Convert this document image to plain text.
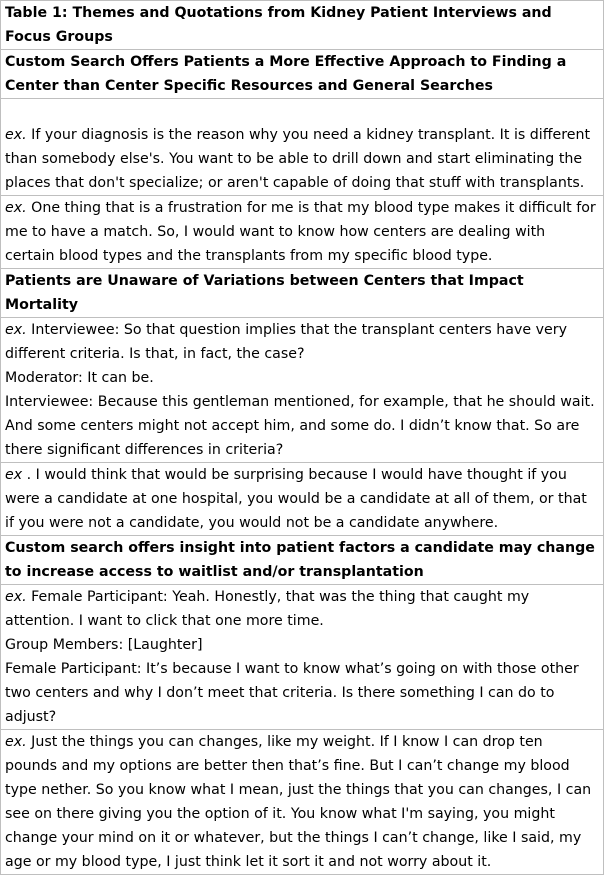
Table 1: Themes and Quotations from Kidney Patient Interviews and Focus Groups
Custom Search Offers Patients a More Effective Approach to Finding a Center than Center Specific Resources and General Searches
ex. If your diagnosis is the reason why you need a kidney transplant. It is different than somebody else's. You want to be able to drill down and start eliminating the places that don't specialize; or aren't capable of doing that stuff with transplants.
ex. One thing that is a frustration for me is that my blood type makes it difficult for me to have a match. So, I would want to know how centers are dealing with certain blood types and the transplants from my specific blood type.
Patients are Unaware of Variations between Centers that Impact Mortality
ex. Interviewee: So that question implies that the transplant centers have very different criteria. Is that, in fact, the case?
Moderator: It can be.
Interviewee: Because this gentleman mentioned, for example, that he should wait. And some centers might not accept him, and some do. I didn’t know that. So are there significant differences in criteria?
ex . I would think that would be surprising because I would have thought if you were a candidate at one hospital, you would be a candidate at all of them, or that if you were not a candidate, you would not be a candidate anywhere.
Custom search offers insight into patient factors a candidate may change to increase access to waitlist and/or transplantation
ex. Female Participant: Yeah. Honestly, that was the thing that caught my attention. I want to click that one more time.
Group Members: [Laughter]
Female Participant: It’s because I want to know what’s going on with those other two centers and why I don’t meet that criteria. Is there something I can do to adjust?
ex. Just the things you can changes, like my weight. If I know I can drop ten pounds and my options are better then that’s fine. But I can’t change my blood type nether. So you know what I mean, just the things that you can changes, I can see on there giving you the option of it. You know what I'm saying, you might change your mind on it or whatever, but the things I can’t change, like I said, my age or my blood type, I just think let it sort it and not worry about it.
